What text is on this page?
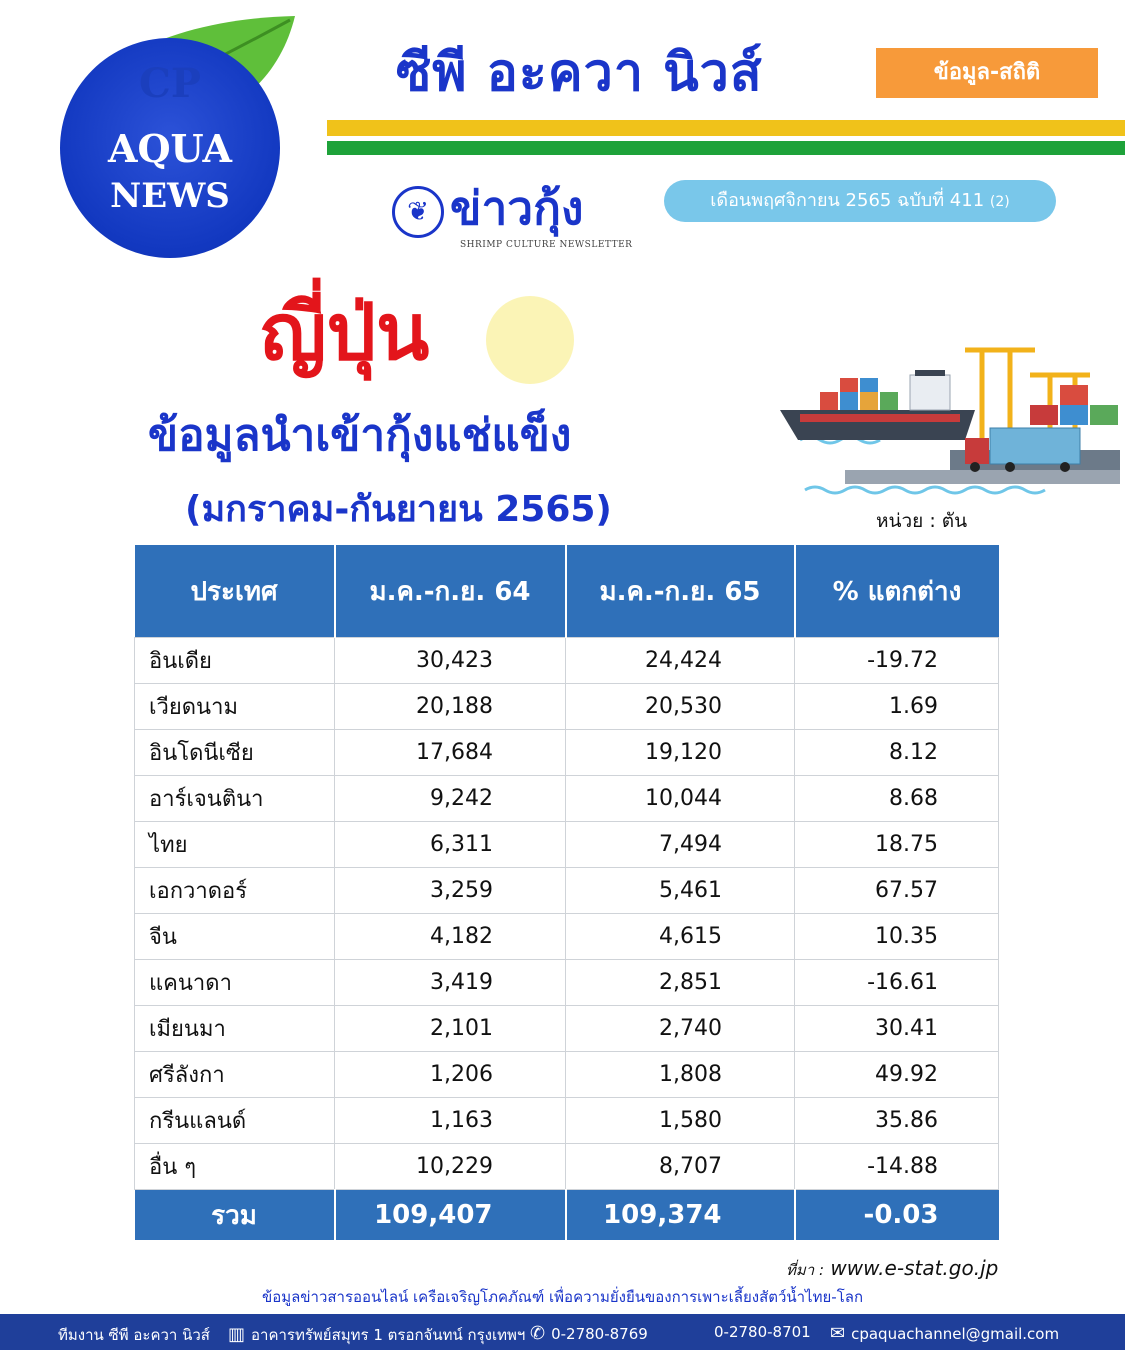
CP
AQUA
NEWS
ซีพี อะควา นิวส์	ข้อมูล-สถิติ
❦ ข่าวกุ้ง
SHRIMP CULTURE NEWSLETTER
เดือนพฤศจิกายน 2565 ฉบับที่ 411 (2)
ญี่ปุ่น
ข้อมูลนำเข้ากุ้งแช่แข็ง
(มกราคม-กันยายน 2565)	หน่วย : ตัน
ประเทศ	ม.ค.-ก.ย. 64	ม.ค.-ก.ย. 65	% แตกต่าง
อินเดีย	30,423	24,424	-19.72
เวียดนาม	20,188	20,530	1.69
อินโดนีเซีย	17,684	19,120	8.12
อาร์เจนตินา	9,242	10,044	8.68
ไทย	6,311	7,494	18.75
เอกวาดอร์	3,259	5,461	67.57
จีน	4,182	4,615	10.35
แคนาดา	3,419	2,851	-16.61
เมียนมา	2,101	2,740	30.41
ศรีลังกา	1,206	1,808	49.92
กรีนแลนด์	1,163	1,580	35.86
อื่น ๆ	10,229	8,707	-14.88
รวม	109,407	109,374	-0.03
ที่มา : www.e-stat.go.jp
ข้อมูลข่าวสารออนไลน์ เครือเจริญโภคภัณฑ์ เพื่อความยั่งยืนของการเพาะเลี้ยงสัตว์น้ำไทย-โลก
ทีมงาน ซีพี อะควา นิวส์ ▥ อาคารทรัพย์สมุทร 1 ตรอกจันทน์ กรุงเทพฯ ✆ 0-2780-8769	0-2780-8701 ✉ cpaquachannel@gmail.com
